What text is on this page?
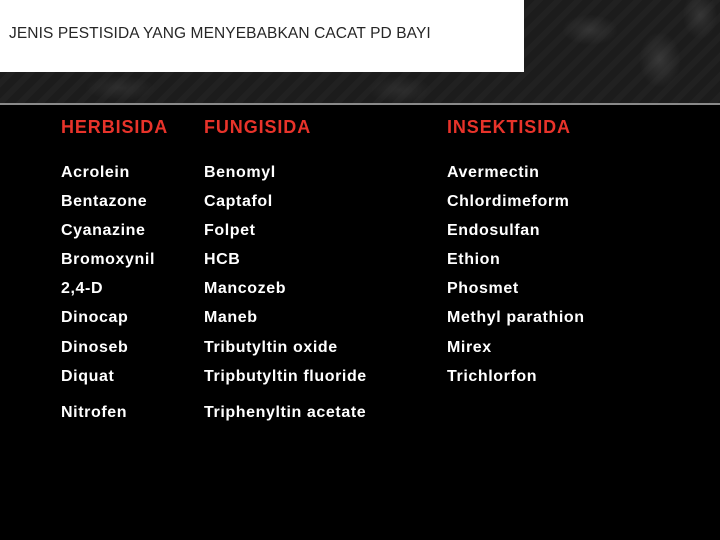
JENIS PESTISIDA YANG MENYEBABKAN CACAT PD BAYI
HERBISIDA FUNGISIDA	INSEKTISIDA
Acrolein
Bentazone
Cyanazine
Bromoxynil
2,4-D
Dinocap
Dinoseb
Diquat
Nitrofen
Benomyl
Captafol
Folpet
HCB
Mancozeb
Maneb
Tributyltin oxide
Tripbutyltin fluoride
Triphenyltin acetate
Avermectin
Chlordimeform
Endosulfan
Ethion
Phosmet
Methyl parathion
Mirex
Trichlorfon
